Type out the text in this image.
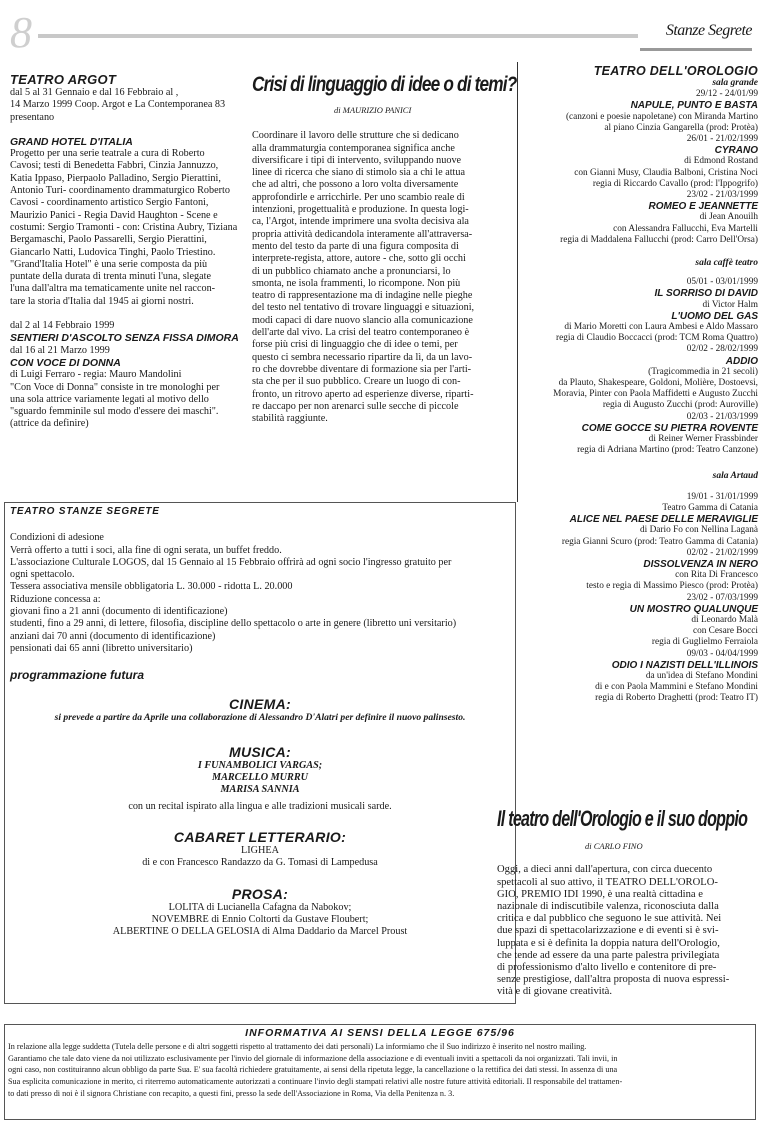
8	Stanze Segrete
TEATRO ARGOT
dal 5 al 31 Gennaio e dal 16 Febbraio al ,
14 Marzo 1999 Coop. Argot e La Contemporanea 83
presentano
GRAND HOTEL D'ITALIA
Progetto per una serie teatrale a cura di Roberto
Cavosi; testi di Benedetta Fabbri, Cinzia Jannuzzo,
Katia Ippaso, Pierpaolo Palladino, Sergio Pierattini,
Antonio Turi- coordinamento drammaturgico Roberto
Cavosi - coordinamento artistico Sergio Fantoni,
Maurizio Panici - Regia David Haughton - Scene e
costumi: Sergio Tramonti - con: Cristina Aubry, Tiziana
Bergamaschi, Paolo Passarelli, Sergio Pierattini,
Giancarlo Natti, Ludovica Tinghi, Paolo Triestino.
"Grand'Italia Hotel" è una serie composta da più
puntate della durata di trenta minuti l'una, slegate
l'una dall'altra ma tematicamente unite nel raccon-
tare la storia d'Italia dal 1945 ai giorni nostri.
dal 2 al 14 Febbraio 1999
SENTIERI D'ASCOLTO SENZA FISSA DIMORA
dal 16 al 21 Marzo 1999
CON VOCE DI DONNA
di Luigi Ferraro - regia: Mauro Mandolini
"Con Voce di Donna" consiste in tre monologhi per
una sola attrice variamente legati al motivo dello
"sguardo femminile sul modo d'essere dei maschi".
(attrice da definire)
Crisi di linguaggio di idee o di temi?
di MAURIZIO PANICI
Coordinare il lavoro delle strutture che si dedicano
alla drammaturgia contemporanea significa anche
diversificare i tipi di intervento, sviluppando nuove
linee di ricerca che siano di stimolo sia a chi le attua
che ad altri, che possono a loro volta diversamente
approfondirle e arricchirle. Per uno scambio reale di
intenzioni, progettualità e produzione. In questa logi-
ca, l'Argot, intende imprimere una svolta decisiva ala
propria attività dedicandola interamente all'attraversa-
mento del testo da parte di una figura composita di
interprete-regista, attore, autore - che, sotto gli occhi
di un pubblico chiamato anche a pronunciarsi, lo
smonta, ne isola frammenti, lo ricompone. Non più
teatro di rappresentazione ma di indagine nelle pieghe
del testo nel tentativo di trovare linguaggi e situazioni,
modi capaci di dare nuovo slancio alla comunicazione
dell'arte dal vivo. La crisi del teatro contemporaneo è
forse più crisi di linguaggio che di idee o temi, per
questo ci sembra necessario ripartire da lì, da un lavo-
ro che dovrebbe diventare di formazione sia per l'arti-
sta che per il suo pubblico. Creare un luogo di con-
fronto, un ritrovo aperto ad esperienze diverse, riparti-
re daccapo per non arenarci sulle secche di piccole
stabilità raggiunte.
TEATRO STANZE SEGRETE
Condizioni di adesione
Verrà offerto a tutti i soci, alla fine di ogni serata, un buffet freddo.
L'associazione Culturale LOGOS, dal 15 Gennaio al 15 Febbraio offrirà ad ogni socio l'ingresso gratuito per
ogni spettacolo.
Tessera associativa mensile obbligatoria L. 30.000 - ridotta L. 20.000
Riduzione concessa a:
giovani fino a 21 anni (documento di identificazione)
studenti, fino a 29 anni, di lettere, filosofia, discipline dello spettacolo o arte in genere (libretto uni versitario)
anziani dai 70 anni (documento di identificazione)
pensionati dai 65 anni (libretto universitario)
programmazione futura
CINEMA:
si prevede a partire da Aprile una collaborazione di Alessandro D'Alatri per definire il nuovo palinsesto.
MUSICA:
I FUNAMBOLICI VARGAS;
MARCELLO MURRU
MARISA SANNIA
con un recital ispirato alla lingua e alle tradizioni musicali sarde.
CABARET LETTERARIO:
LIGHEA
di e con Francesco Randazzo da G. Tomasi di Lampedusa
PROSA:
LOLITA di Lucianella Cafagna da Nabokov;
NOVEMBRE di Ennio Coltorti da Gustave Floubert;
ALBERTINE O DELLA GELOSIA di Alma Daddario da Marcel Proust
TEATRO DELL'OROLOGIO
sala grande
29/12 - 24/01/99
NAPULE, PUNTO E BASTA
(canzoni e poesie napoletane) con Miranda Martino
al piano Cinzia Gangarella (prod: Protèa)
26/01 - 21/02/1999
CYRANO
di Edmond Rostand
con Gianni Musy, Claudia Balboni, Cristina Noci
regia di Riccardo Cavallo (prod: l'Ippogrifo)
23/02 - 21/03/1999
ROMEO E JEANNETTE
di Jean Anouilh
con Alessandra Fallucchi, Eva Martelli
regia di Maddalena Fallucchi (prod: Carro Dell'Orsa)
sala caffè teatro
05/01 - 03/01/1999
IL SORRISO DI DAVID
di Victor Halm
L'UOMO DEL GAS
di Mario Moretti con Laura Ambesi e Aldo Massaro
regia di Claudio Boccacci (prod: TCM Roma Quattro)
02/02 - 28/02/1999
ADDIO
(Tragicommedia in 21 secoli)
da Plauto, Shakespeare, Goldoni, Molière, Dostoevsi,
Moravia, Pinter con Paola Maffidetti e Augusto Zucchi
regia di Augusto Zucchi (prod: Auroville)
02/03 - 21/03/1999
COME GOCCE SU PIETRA ROVENTE
di Reiner Werner Frassbinder
regia di Adriana Martino (prod: Teatro Canzone)
sala Artaud
19/01 - 31/01/1999
Teatro Gamma di Catania
ALICE NEL PAESE DELLE MERAVIGLIE
di Dario Fo con Nellina Laganà
regia Gianni Scuro (prod: Teatro Gamma di Catania)
02/02 - 21/02/1999
DISSOLVENZA IN NERO
con Rita Di Francesco
testo e regia di Massimo Piesco (prod: Protèa)
23/02 - 07/03/1999
UN MOSTRO QUALUNQUE
di Leonardo Malà
con Cesare Bocci
regia di Guglielmo Ferraiola
09/03 - 04/04/1999
ODIO I NAZISTI DELL'ILLINOIS
da un'idea di Stefano Mondini
di e con Paola Mammini e Stefano Mondini
regia di Roberto Draghetti (prod: Teatro IT)
Il teatro dell'Orologio e il suo doppio
di CARLO FINO
Oggi, a dieci anni dall'apertura, con circa duecento
spettacoli al suo attivo, il TEATRO DELL'OROLO-
GIO, PREMIO IDI 1990, è una realtà cittadina e
nazionale di indiscutibile valenza, riconosciuta dalla
critica e dal pubblico che seguono le sue attività. Nei
due spazi di spettacolarizzazione e di eventi si è svi-
luppata e si è definita la doppia natura dell'Orologio,
che tende ad essere da una parte palestra privilegiata
di professionismo d'alto livello e contenitore di pre-
senze prestigiose, dall'altra proposta di nuova espressi-
vità e di giovane creatività.
INFORMATIVA AI SENSI DELLA LEGGE 675/96
In relazione alla legge suddetta (Tutela delle persone e di altri soggetti rispetto al trattamento dei dati personali) La informiamo che il Suo indirizzo è inserito nel nostro mailing.
Garantiamo che tale dato viene da noi utilizzato esclusivamente per l'invio del giornale di informazione della associazione e di eventuali inviti a spettacoli da noi organizzati. Tali invii, in
ogni caso, non costituiranno alcun obbligo da parte Sua. E' sua facoltà richiedere gratuitamente, ai sensi della ripetuta legge, la cancellazione o la rettifica dei dati stessi. In assenza di una
Sua esplicita comunicazione in merito, ci riterremo automaticamente autorizzati a continuare l'invio degli stampati relativi alle nostre future attività editoriali. Il responsabile del trattamen-
to dati presso di noi è il signora Christiane con recapito, a questi fini, presso la sede dell'Associazione in Roma, Via della Penitenza n. 3.
